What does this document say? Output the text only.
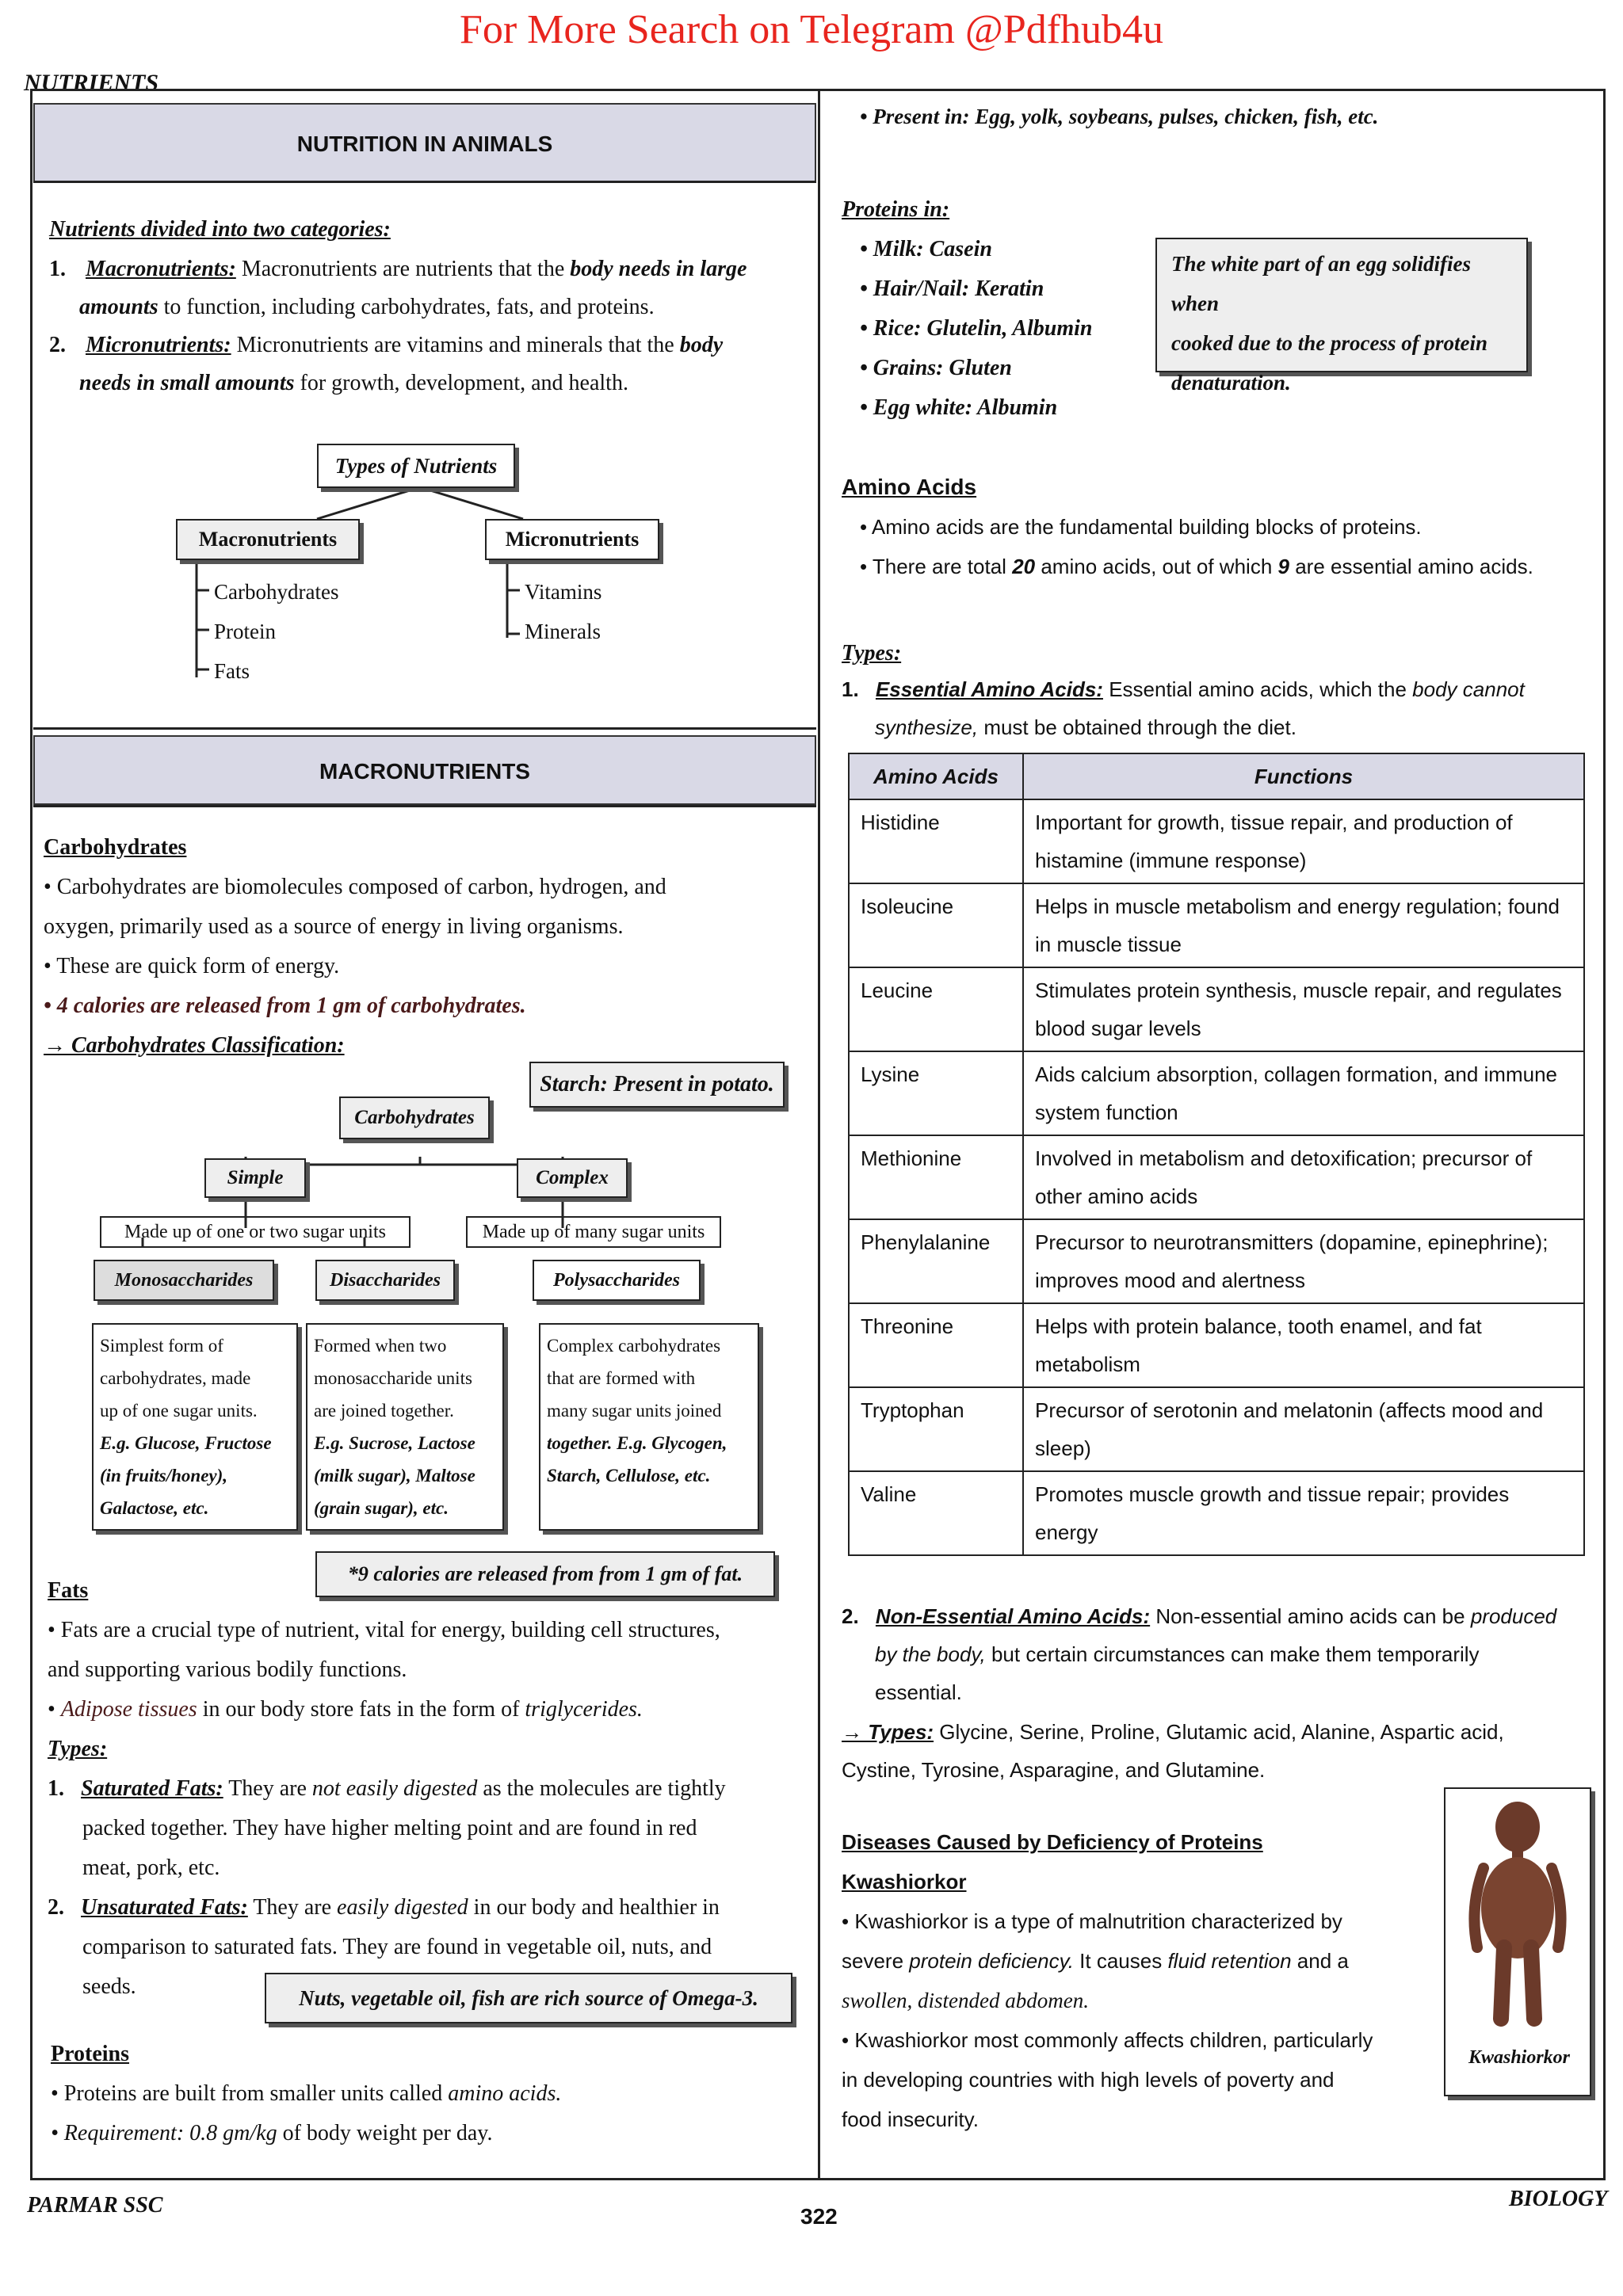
For More Search on Telegram @Pdfhub4u
NUTRIENTS
NUTRITION IN ANIMALS
Nutrients divided into two categories:
1. Macronutrients: Macronutrients are nutrients that the body needs in large
amounts to function, including carbohydrates, fats, and proteins.
2. Micronutrients: Micronutrients are vitamins and minerals that the body
needs in small amounts for growth, development, and health.
Types of Nutrients
Macronutrients	Micronutrients
Carbohydrates
Protein
Fats
Vitamins
Minerals
MACRONUTRIENTS
Carbohydrates
• Carbohydrates are biomolecules composed of carbon, hydrogen, and
oxygen, primarily used as a source of energy in living organisms.
• These are quick form of energy.
• 4 calories are released from 1 gm of carbohydrates.
→ Carbohydrates Classification:
Starch: Present in potato.
Carbohydrates
Simple	Complex
Made up of one or two sugar units	Made up of many sugar units
Monosaccharides	Disaccharides	Polysaccharides
Simplest form of
carbohydrates, made
up of one sugar units.
E.g. Glucose, Fructose
(in fruits/honey),
Galactose, etc.
Formed when two
monosaccharide units
are joined together.
E.g. Sucrose, Lactose
(milk sugar), Maltose
(grain sugar), etc.
Complex carbohydrates
that are formed with
many sugar units joined
together. E.g. Glycogen,
Starch, Cellulose, etc.
*9 calories are released from from 1 gm of fat.
Fats
• Fats are a crucial type of nutrient, vital for energy, building cell structures,
and supporting various bodily functions.
• Adipose tissues in our body store fats in the form of triglycerides.
Types:
1. Saturated Fats: They are not easily digested as the molecules are tightly
packed together. They have higher melting point and are found in red
meat, pork, etc.
2. Unsaturated Fats: They are easily digested in our body and healthier in
comparison to saturated fats. They are found in vegetable oil, nuts, and
seeds.	Nuts, vegetable oil, fish are rich source of Omega-3.
Proteins
• Proteins are built from smaller units called amino acids.
• Requirement: 0.8 gm/kg of body weight per day.
• Present in: Egg, yolk, soybeans, pulses, chicken, fish, etc.
Proteins in:
• Milk: Casein
• Hair/Nail: Keratin
• Rice: Glutelin, Albumin
• Grains: Gluten
• Egg white: Albumin
The white part of an egg solidifies when
cooked due to the process of protein
denaturation.
Amino Acids
• Amino acids are the fundamental building blocks of proteins.
• There are total 20 amino acids, out of which 9 are essential amino acids.
Types:
1. Essential Amino Acids: Essential amino acids, which the body cannot
synthesize, must be obtained through the diet.
Amino Acids	Functions
Histidine	Important for growth, tissue repair, and production of histamine (immune response)
Isoleucine	Helps in muscle metabolism and energy regulation; found in muscle tissue
Leucine	Stimulates protein synthesis, muscle repair, and regulates blood sugar levels
Lysine	Aids calcium absorption, collagen formation, and immune system function
Methionine	Involved in metabolism and detoxification; precursor of other amino acids
Phenylalanine	Precursor to neurotransmitters (dopamine, epinephrine); improves mood and alertness
Threonine	Helps with protein balance, tooth enamel, and fat metabolism
Tryptophan	Precursor of serotonin and melatonin (affects mood and sleep)
Valine	Promotes muscle growth and tissue repair; provides energy
2. Non-Essential Amino Acids: Non-essential amino acids can be produced
by the body, but certain circumstances can make them temporarily
essential.
→ Types: Glycine, Serine, Proline, Glutamic acid, Alanine, Aspartic acid,
Cystine, Tyrosine, Asparagine, and Glutamine.
Diseases Caused by Deficiency of Proteins
Kwashiorkor
• Kwashiorkor is a type of malnutrition characterized by
severe protein deficiency. It causes fluid retention and a
swollen, distended abdomen.
• Kwashiorkor most commonly affects children, particularly
in developing countries with high levels of poverty and
food insecurity.
Kwashiorkor
PARMAR SSC	322
BIOLOGY
